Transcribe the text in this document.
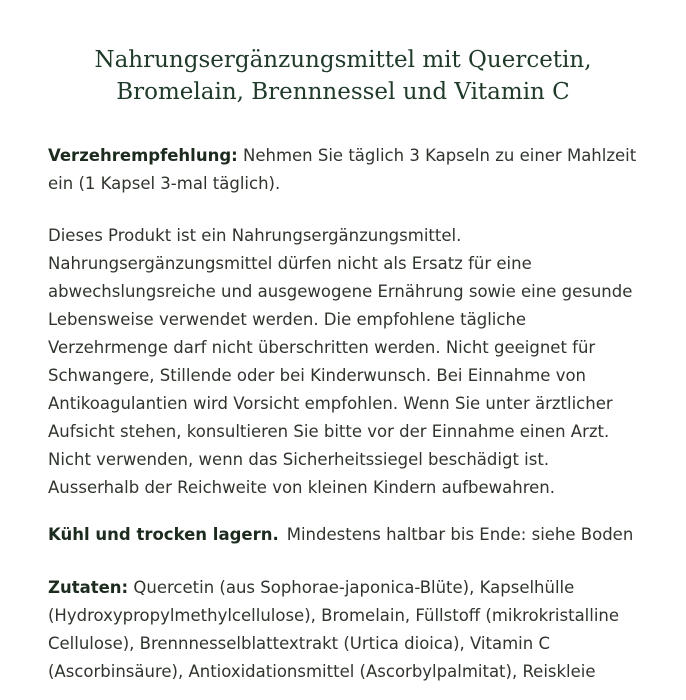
Nahrungsergänzungsmittel mit Quercetin,
Bromelain, Brennnessel und Vitamin C

Verzehrempfehlung: Nehmen Sie täglich 3 Kapseln zu einer Mahlzeit ein (1 Kapsel 3-mal täglich).

Dieses Produkt ist ein Nahrungsergänzungsmittel.
Nahrungsergänzungsmittel dürfen nicht als Ersatz für eine
abwechslungsreiche und ausgewogene Ernährung sowie eine gesunde
Lebensweise verwendet werden. Die empfohlene tägliche
Verzehrmenge darf nicht überschritten werden. Nicht geeignet für
Schwangere, Stillende oder bei Kinderwunsch. Bei Einnahme von
Antikoagulantien wird Vorsicht empfohlen. Wenn Sie unter ärztlicher
Aufsicht stehen, konsultieren Sie bitte vor der Einnahme einen Arzt.
Nicht verwenden, wenn das Sicherheitssiegel beschädigt ist.
Ausserhalb der Reichweite von kleinen Kindern aufbewahren.

Kühl und trocken lagern. Mindestens haltbar bis Ende: siehe Boden

Zutaten: Quercetin (aus Sophorae-japonica-Blüte), Kapselhülle (Hydroxypropylmethylcellulose), Bromelain, Füllstoff (mikrokristalline Cellulose), Brennnesselblattextrakt (Urtica dioica), Vitamin C (Ascorbinsäure), Antioxidationsmittel (Ascorbylpalmitat), Reiskleie
